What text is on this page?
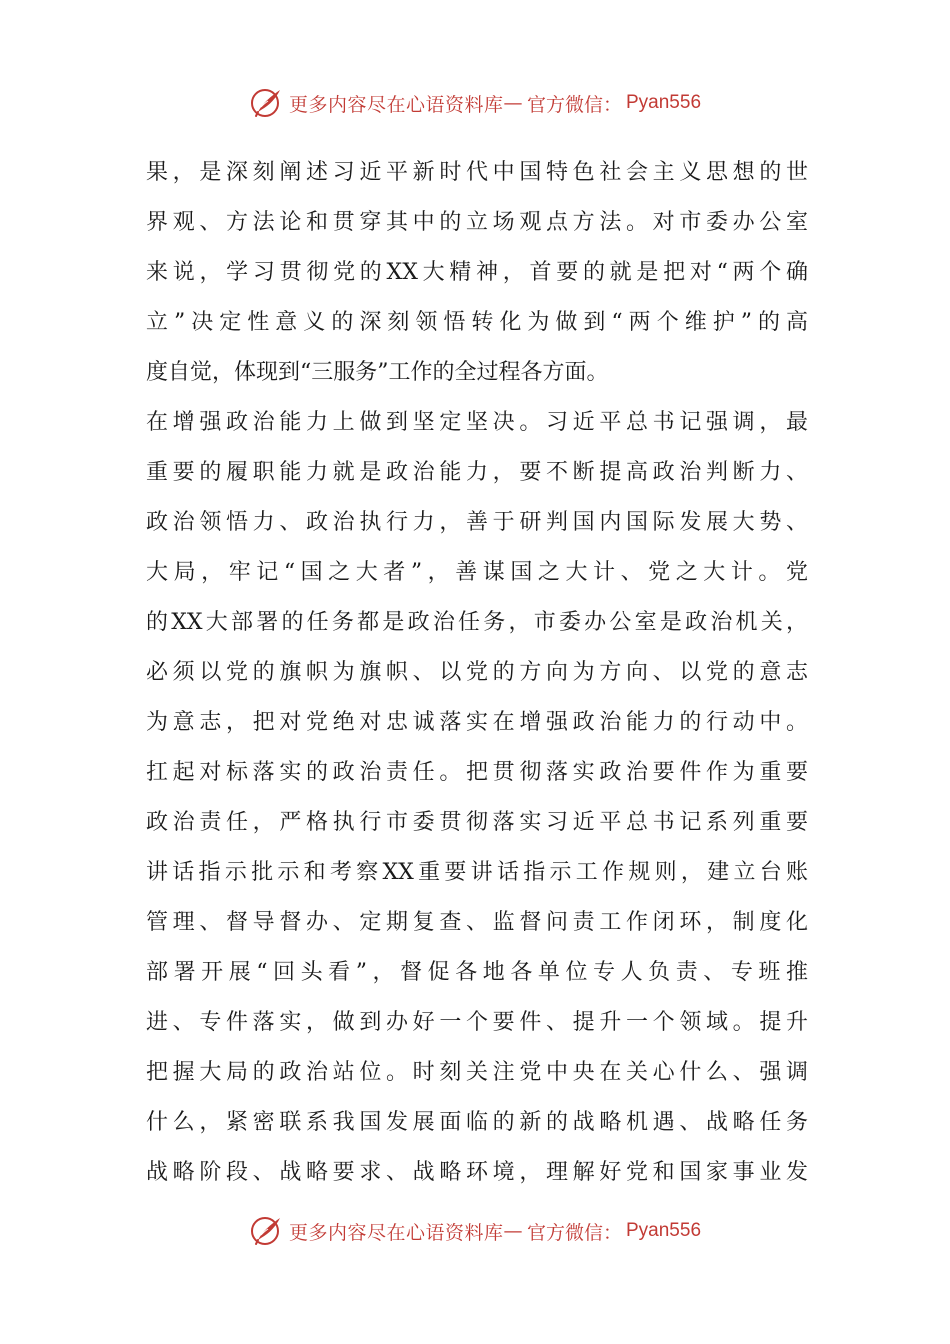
更多内容尽在心语资料库 — 官方微信： Pyan556
果，是深刻阐述习近平新时代中国特色社会主义思想的世
界观、方法论和贯穿其中的立场观点方法。对市委办公室
来说，学习贯彻党的XX大精神，首要的就是把对“两个确
立”决定性意义的深刻领悟转化为做到“两个维护”的高
度自觉，体现到“三服务”工作的全过程各方面。
在增强政治能力上做到坚定坚决。习近平总书记强调，最
重要的履职能力就是政治能力，要不断提高政治判断力、
政治领悟力、政治执行力，善于研判国内国际发展大势、
大局，牢记“国之大者”，善谋国之大计、党之大计。党
的XX大部署的任务都是政治任务，市委办公室是政治机关，
必须以党的旗帜为旗帜、以党的方向为方向、以党的意志
为意志，把对党绝对忠诚落实在增强政治能力的行动中。
扛起对标落实的政治责任。把贯彻落实政治要件作为重要
政治责任，严格执行市委贯彻落实习近平总书记系列重要
讲话指示批示和考察XX重要讲话指示工作规则，建立台账
管理、督导督办、定期复查、监督问责工作闭环，制度化
部署开展“回头看”，督促各地各单位专人负责、专班推
进、专件落实，做到办好一个要件、提升一个领域。提升
把握大局的政治站位。时刻关注党中央在关心什么、强调
什么，紧密联系我国发展面临的新的战略机遇、战略任务
战略阶段、战略要求、战略环境，理解好党和国家事业发
更多内容尽在心语资料库 — 官方微信： Pyan556
